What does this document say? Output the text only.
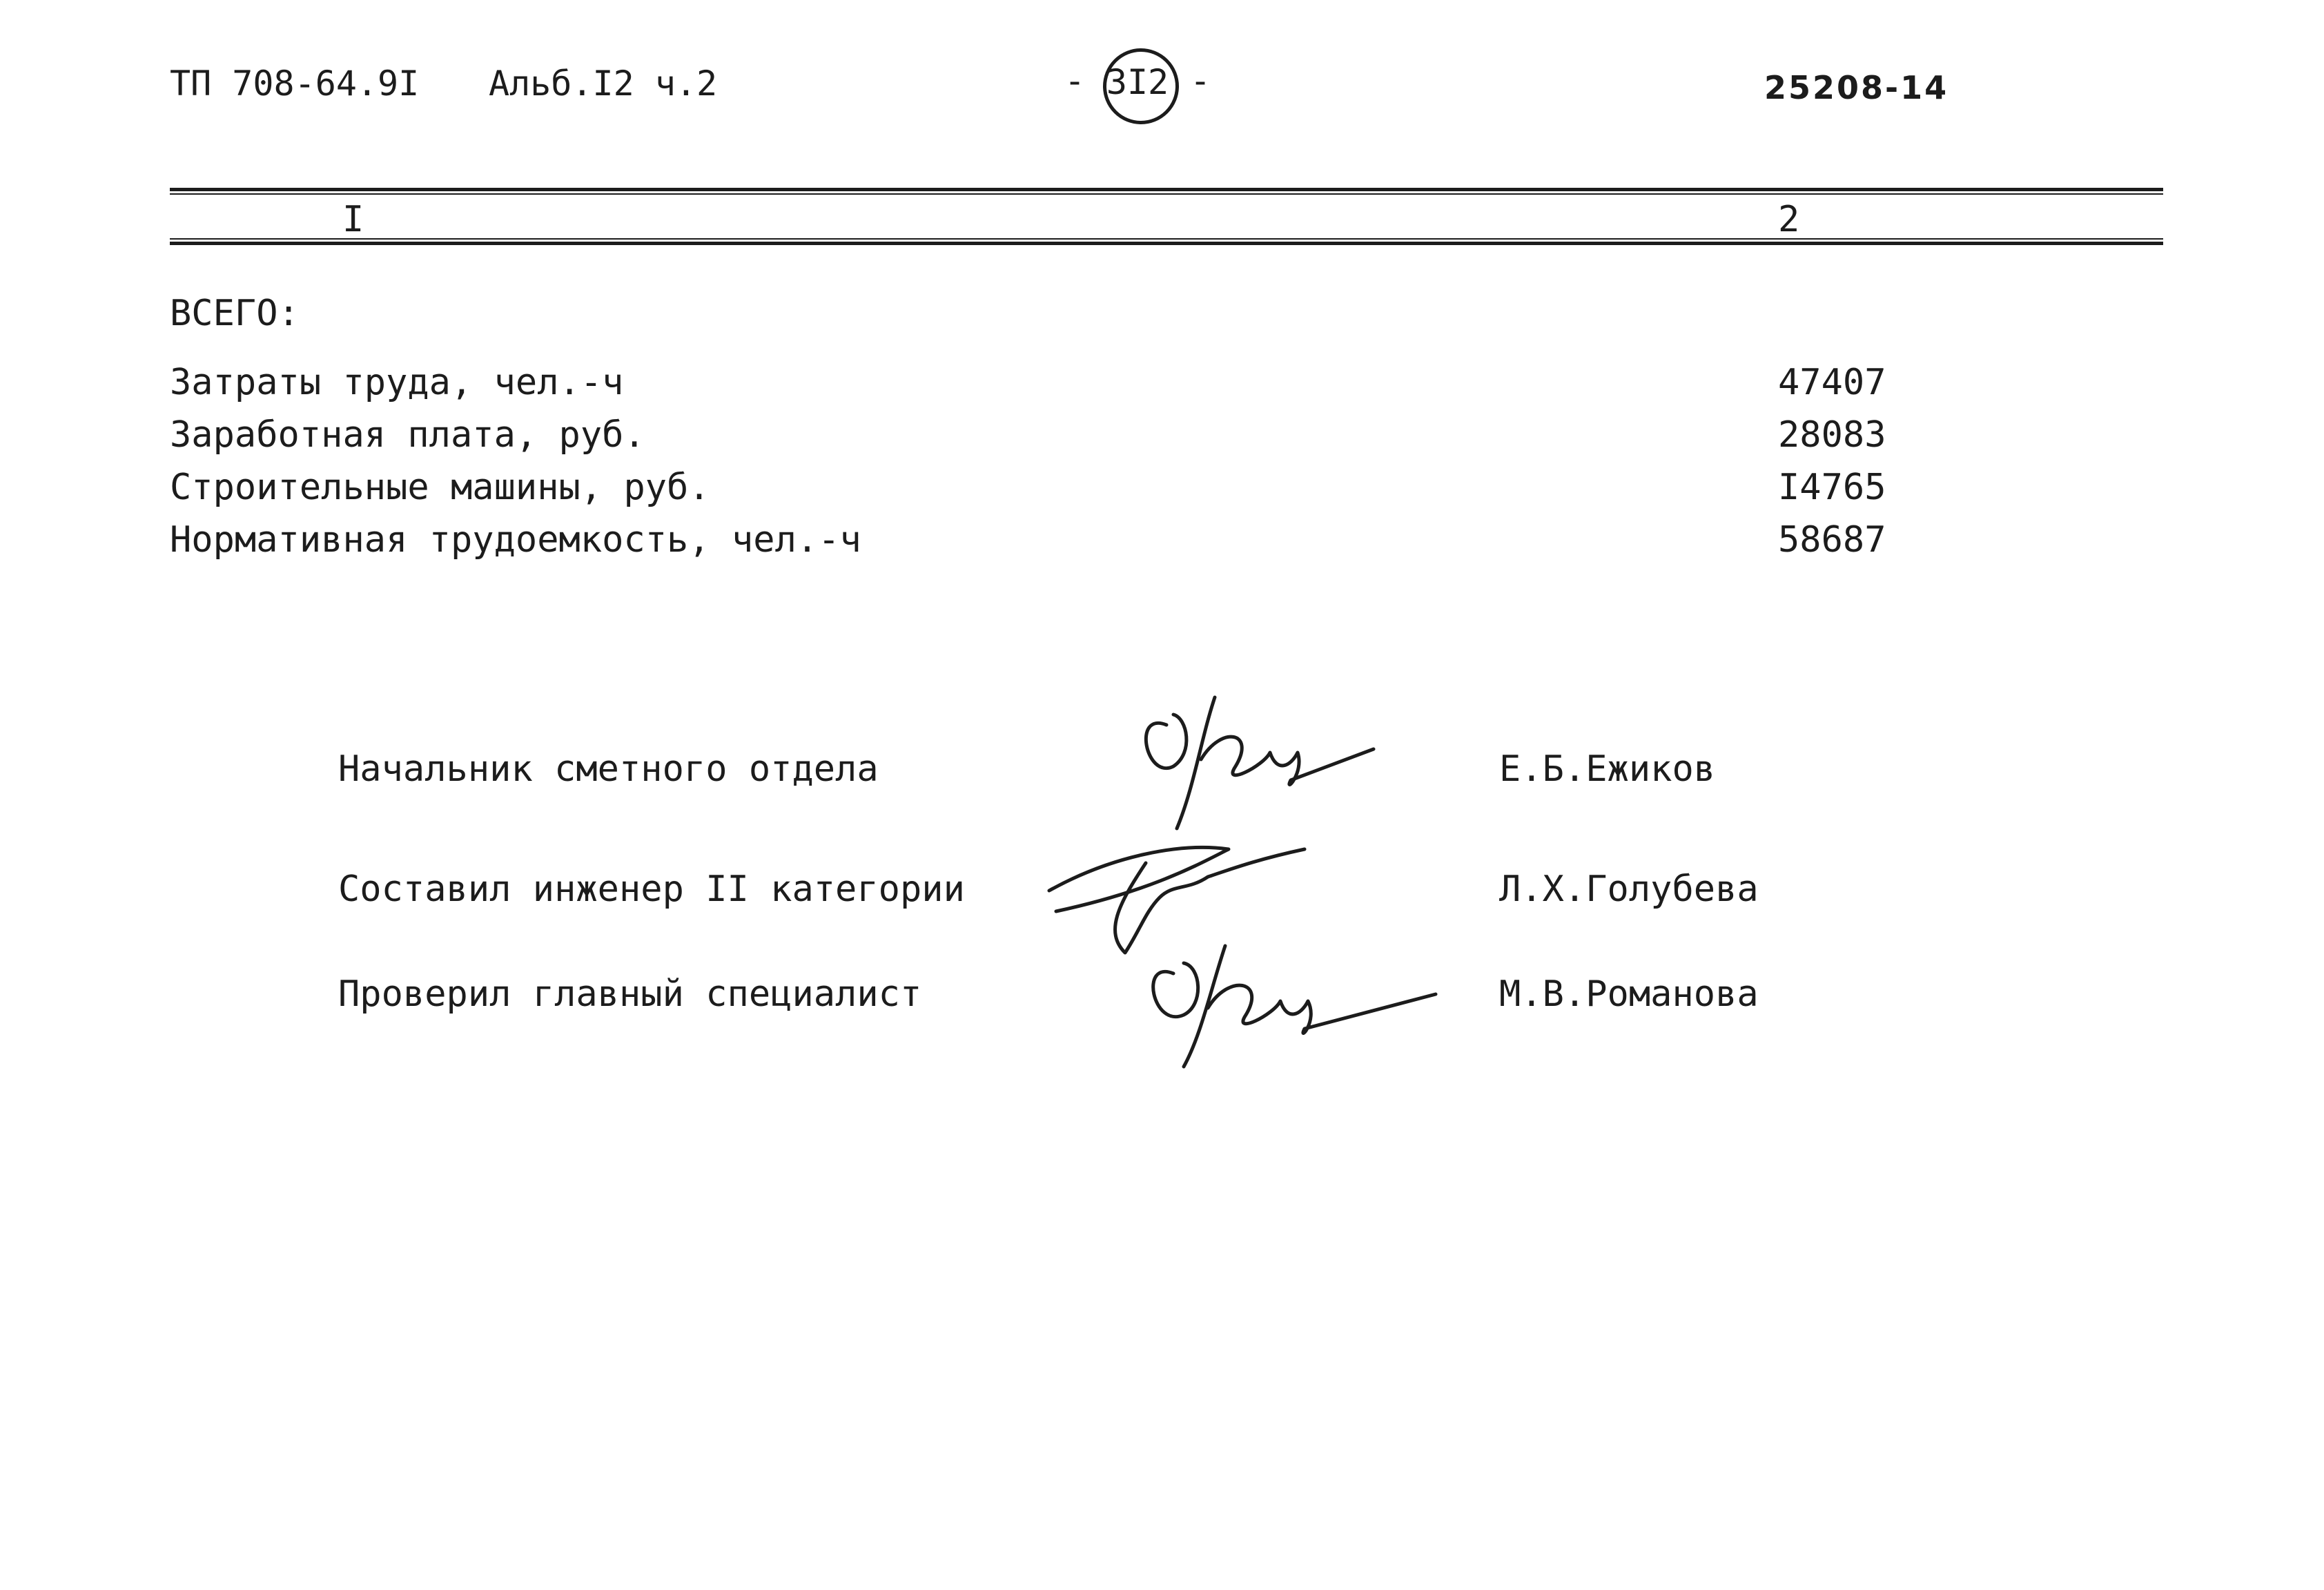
ТП 708-64.9I Альб.I2 ч.2	- 3I2 -	25208-14
I	2
ВСЕГО:
Затраты труда, чел.-ч	47407
Заработная плата, руб.	28083
Строительные машины, руб.	I4765
Нормативная трудоемкость, чел.-ч	58687
Начальник сметного отдела	Е.Б.Ежиков
Составил инженер II категории	Л.Х.Голубева
Проверил главный специалист	М.В.Романова
